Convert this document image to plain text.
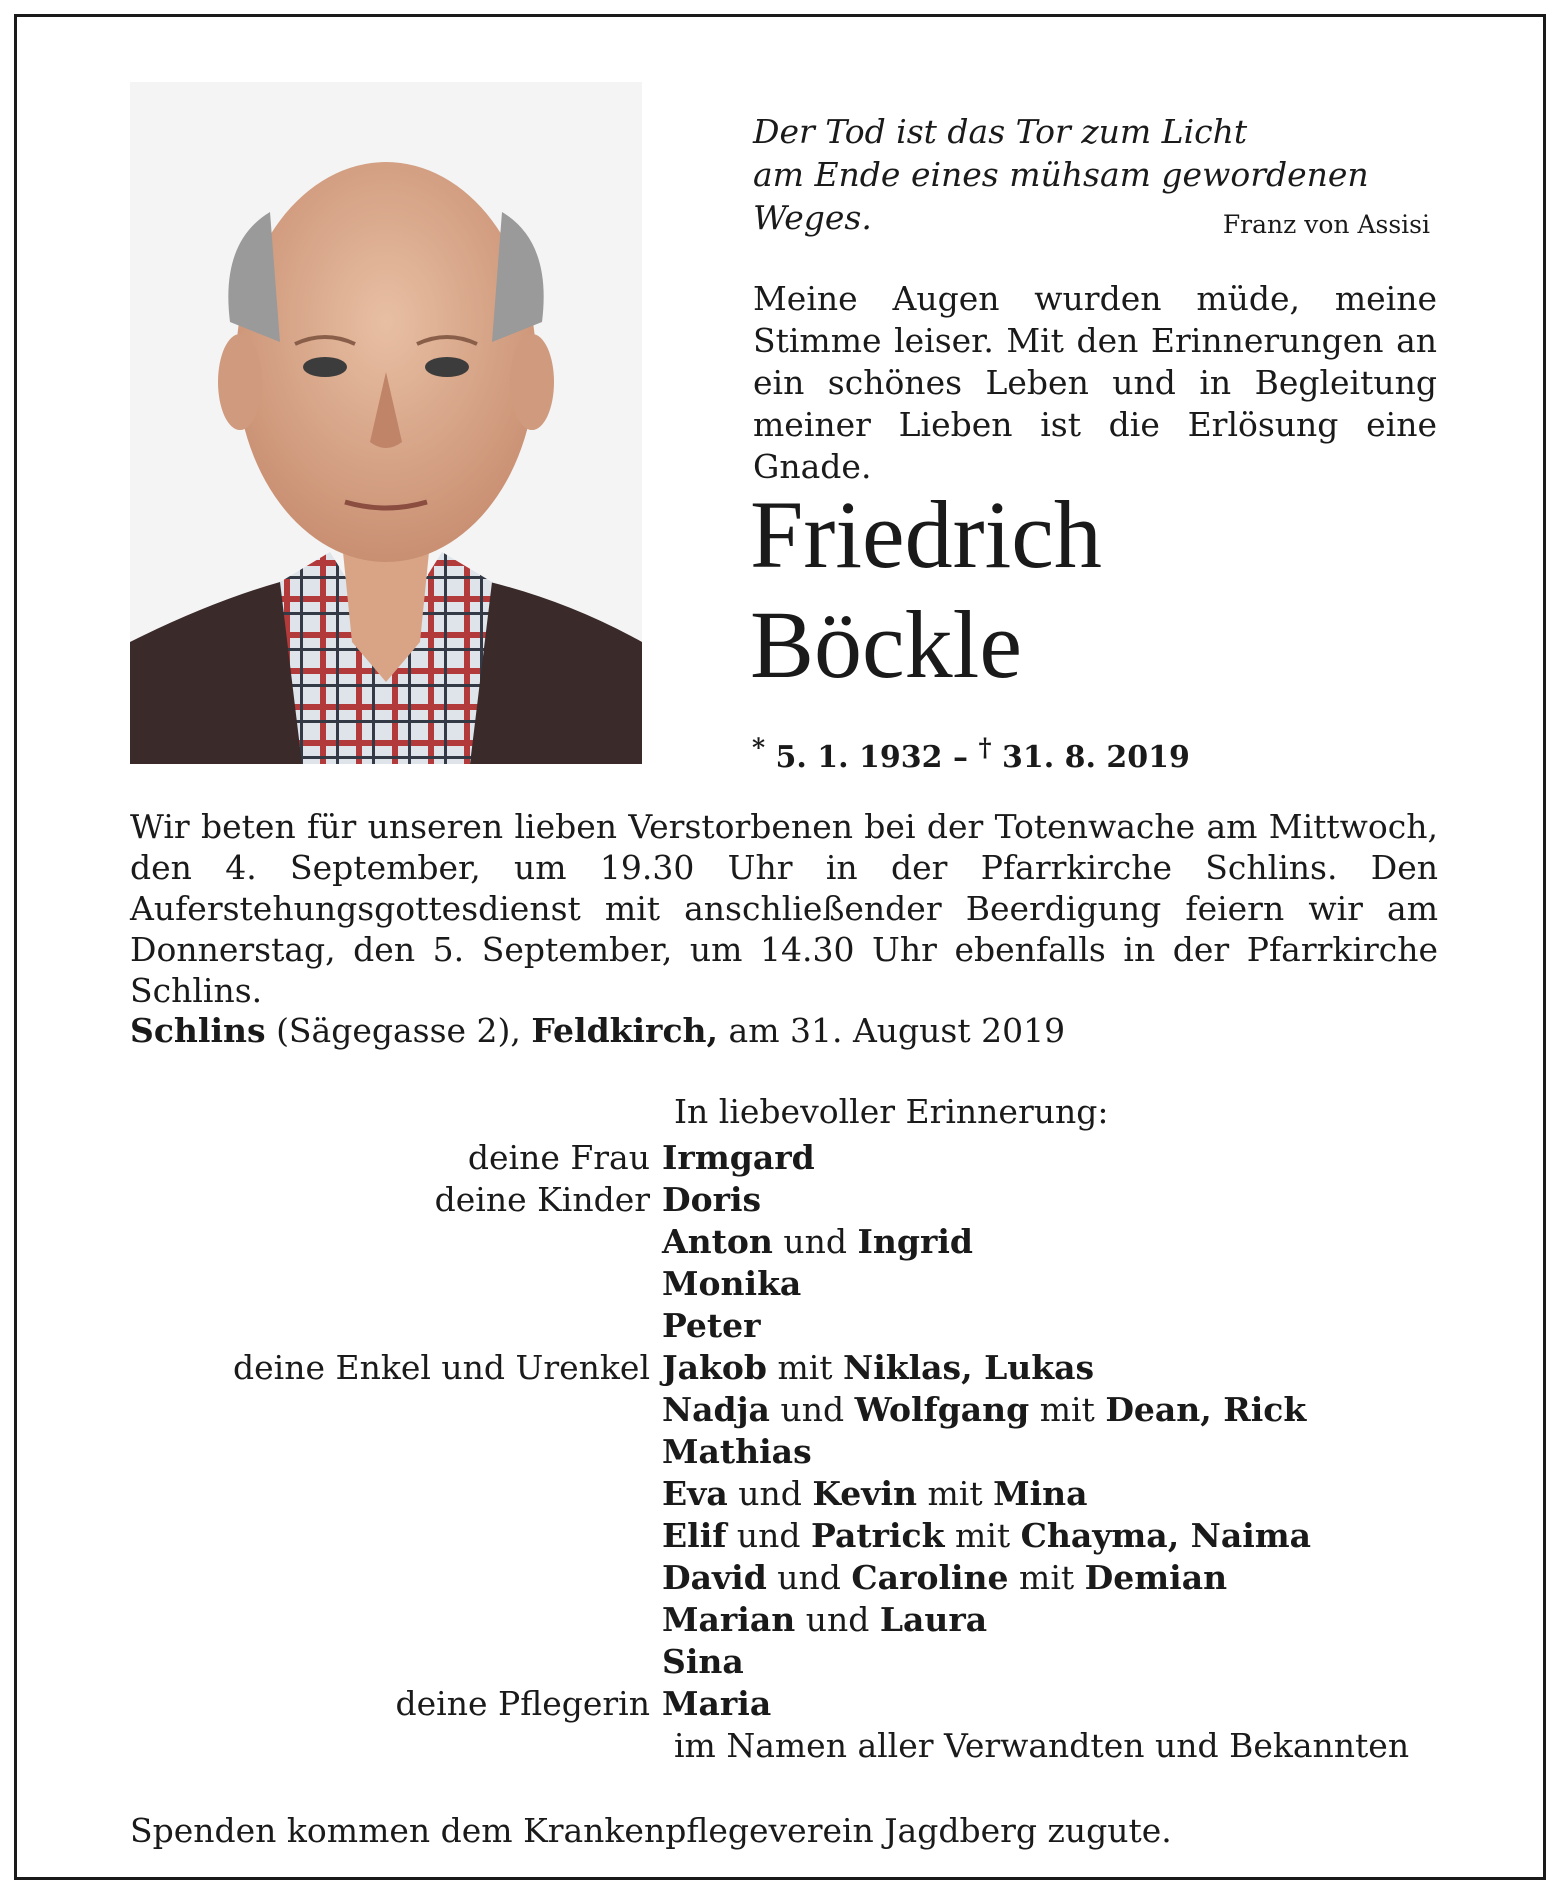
Der Tod ist das Tor zum Licht
am Ende eines mühsam gewordenen Weges.	Franz von Assisi
Meine Augen wurden müde, meine Stimme leiser. Mit den Erinnerungen an ein schönes Leben und in Begleitung meiner Lieben ist die Erlösung eine Gnade.
Friedrich
Böckle
* 5. 1. 1932 – † 31. 8. 2019
Wir beten für unseren lieben Verstorbenen bei der Totenwache am Mittwoch, den 4. September, um 19.30 Uhr in der Pfarrkirche Schlins. Den Auferstehungsgottesdienst mit anschließender Beerdigung feiern wir am Donnerstag, den 5. September, um 14.30 Uhr ebenfalls in der Pfarrkirche Schlins.
Schlins (Sägegasse 2), Feldkirch, am 31. August 2019
In liebevoller Erinnerung:
deine Frau Irmgard
deine Kinder Doris
Anton und Ingrid
Monika
Peter
deine Enkel und Urenkel Jakob mit Niklas, Lukas
Nadja und Wolfgang mit Dean, Rick
Mathias
Eva und Kevin mit Mina
Elif und Patrick mit Chayma, Naima
David und Caroline mit Demian
Marian und Laura
Sina
deine Pflegerin Maria
im Namen aller Verwandten und Bekannten
Spenden kommen dem Krankenpflegeverein Jagdberg zugute.
